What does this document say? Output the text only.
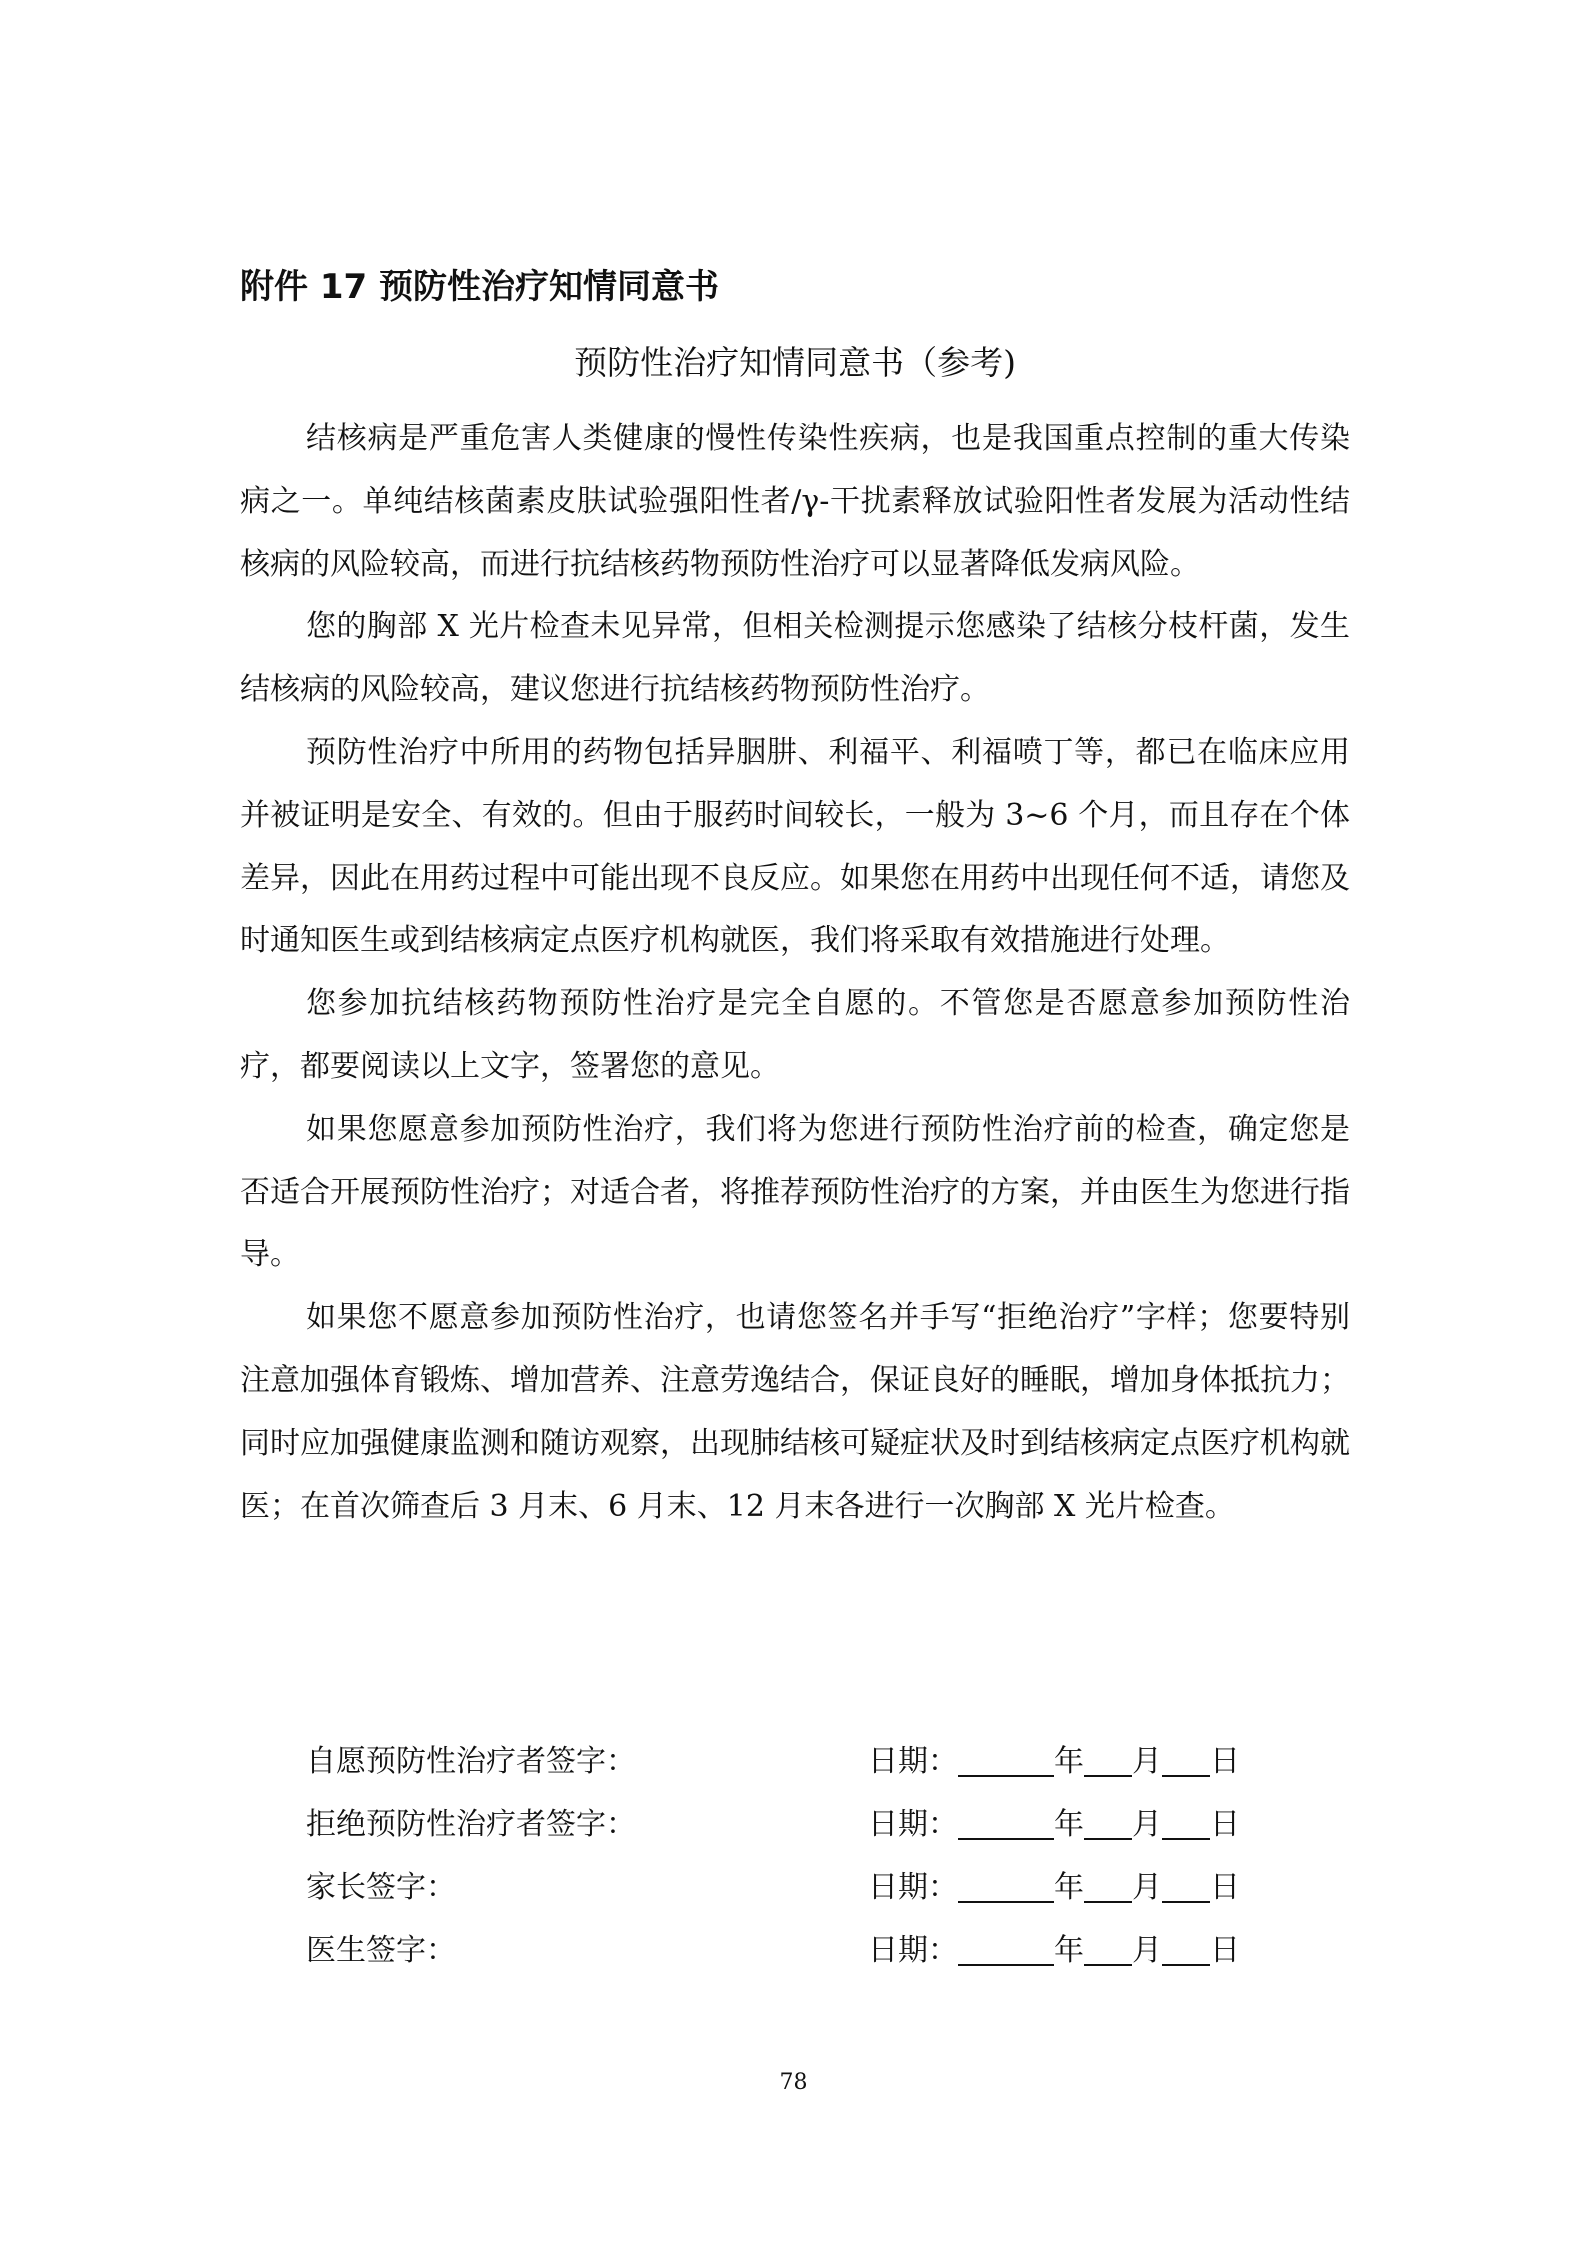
附件 17 预防性治疗知情同意书
预防性治疗知情同意书（参考)

结核病是严重危害人类健康的慢性传染性疾病，也是我国重点控制的重大传染病之一。单纯结核菌素皮肤试验强阳性者/γ-干扰素释放试验阳性者发展为活动性结核病的风险较高，而进行抗结核药物预防性治疗可以显著降低发病风险。

您的胸部 X 光片检查未见异常，但相关检测提示您感染了结核分枝杆菌，发生结核病的风险较高，建议您进行抗结核药物预防性治疗。

预防性治疗中所用的药物包括异胭肼、利福平、利福喷丁等，都已在临床应用并被证明是安全、有效的。但由于服药时间较长，一般为 3~6 个月，而且存在个体差异，因此在用药过程中可能出现不良反应。如果您在用药中出现任何不适，请您及时通知医生或到结核病定点医疗机构就医，我们将采取有效措施进行处理。

您参加抗结核药物预防性治疗是完全自愿的。不管您是否愿意参加预防性治疗，都要阅读以上文字，签署您的意见。

如果您愿意参加预防性治疗，我们将为您进行预防性治疗前的检查，确定您是否适合开展预防性治疗；对适合者，将推荐预防性治疗的方案，并由医生为您进行指导。

如果您不愿意参加预防性治疗，也请您签名并手写“拒绝治疗”字样；您要特别注意加强体育锻炼、增加营养、注意劳逸结合，保证良好的睡眠，增加身体抵抗力；同时应加强健康监测和随访观察，出现肺结核可疑症状及时到结核病定点医疗机构就医；在首次筛查后 3 月末、6 月末、12 月末各进行一次胸部 X 光片检查。

自愿预防性治疗者签字：	日期：	年 月 日
拒绝预防性治疗者签字：	日期：	年 月 日
家长签字：	日期：	年 月 日
医生签字：	日期：	年 月 日
78
